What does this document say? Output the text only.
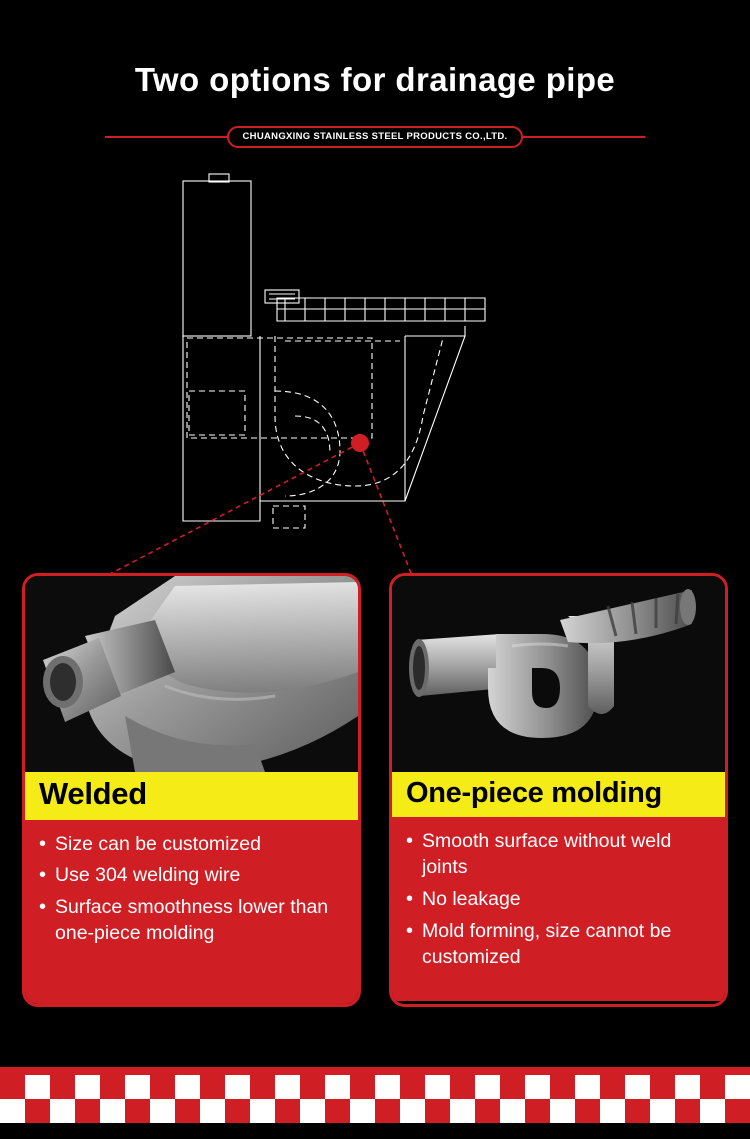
Two options for drainage pipe
CHUANGXING STAINLESS STEEL PRODUCTS CO.,LTD.
Welded
• Size can be customized
• Use 304 welding wire
• Surface smoothness lower than one-piece molding
One-piece molding
• Smooth surface without weld joints
• No leakage
• Mold forming, size cannot be customized
